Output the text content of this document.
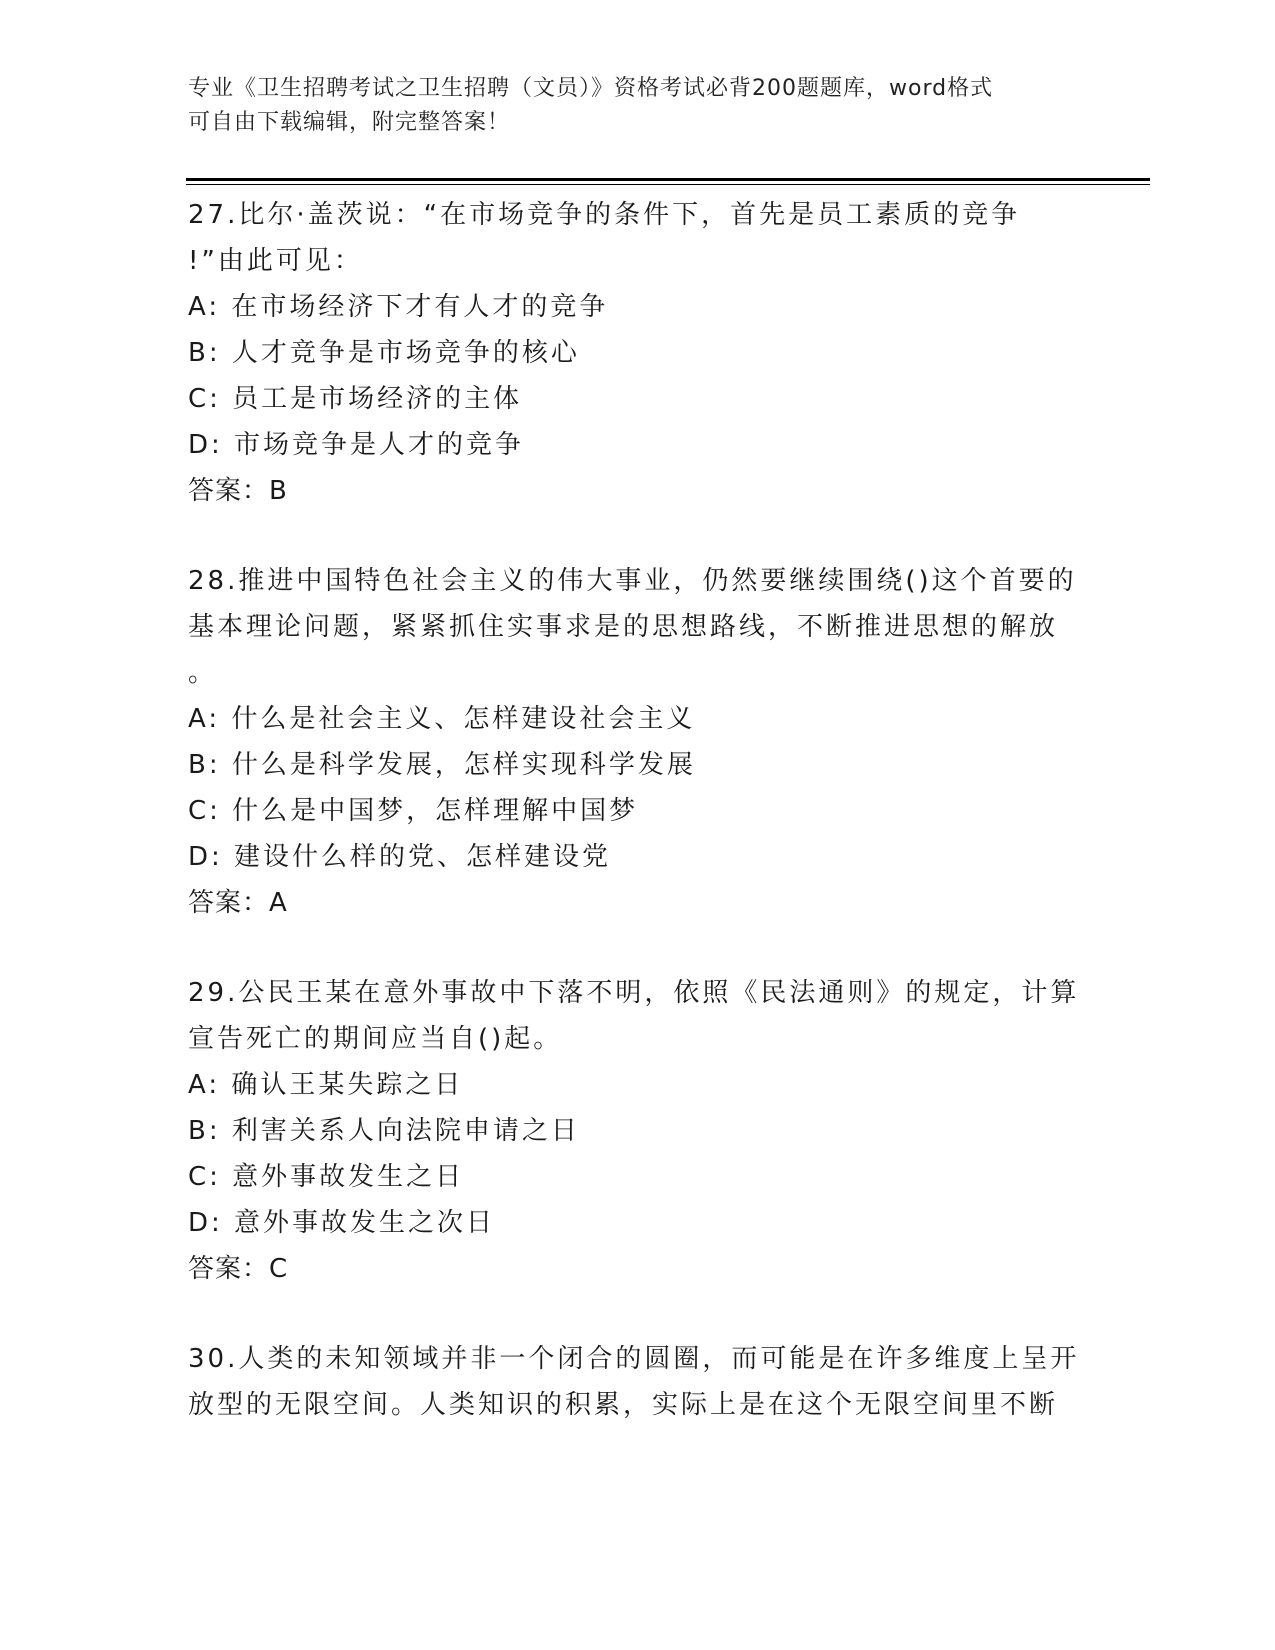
专业《卫生招聘考试之卫生招聘（文员）》资格考试必背200题题库，word格式
可自由下载编辑，附完整答案！
27.比尔·盖茨说：“在市场竞争的条件下，首先是员工素质的竞争
!”由此可见：
A: 在市场经济下才有人才的竞争
B: 人才竞争是市场竞争的核心
C: 员工是市场经济的主体
D: 市场竞争是人才的竞争
答案：B
28.推进中国特色社会主义的伟大事业，仍然要继续围绕()这个首要的
基本理论问题，紧紧抓住实事求是的思想路线，不断推进思想的解放
。
A: 什么是社会主义、怎样建设社会主义
B: 什么是科学发展，怎样实现科学发展
C: 什么是中国梦，怎样理解中国梦
D: 建设什么样的党、怎样建设党
答案：A
29.公民王某在意外事故中下落不明，依照《民法通则》的规定，计算
宣告死亡的期间应当自()起。
A: 确认王某失踪之日
B: 利害关系人向法院申请之日
C: 意外事故发生之日
D: 意外事故发生之次日
答案：C
30.人类的未知领域并非一个闭合的圆圈，而可能是在许多维度上呈开
放型的无限空间。人类知识的积累，实际上是在这个无限空间里不断
